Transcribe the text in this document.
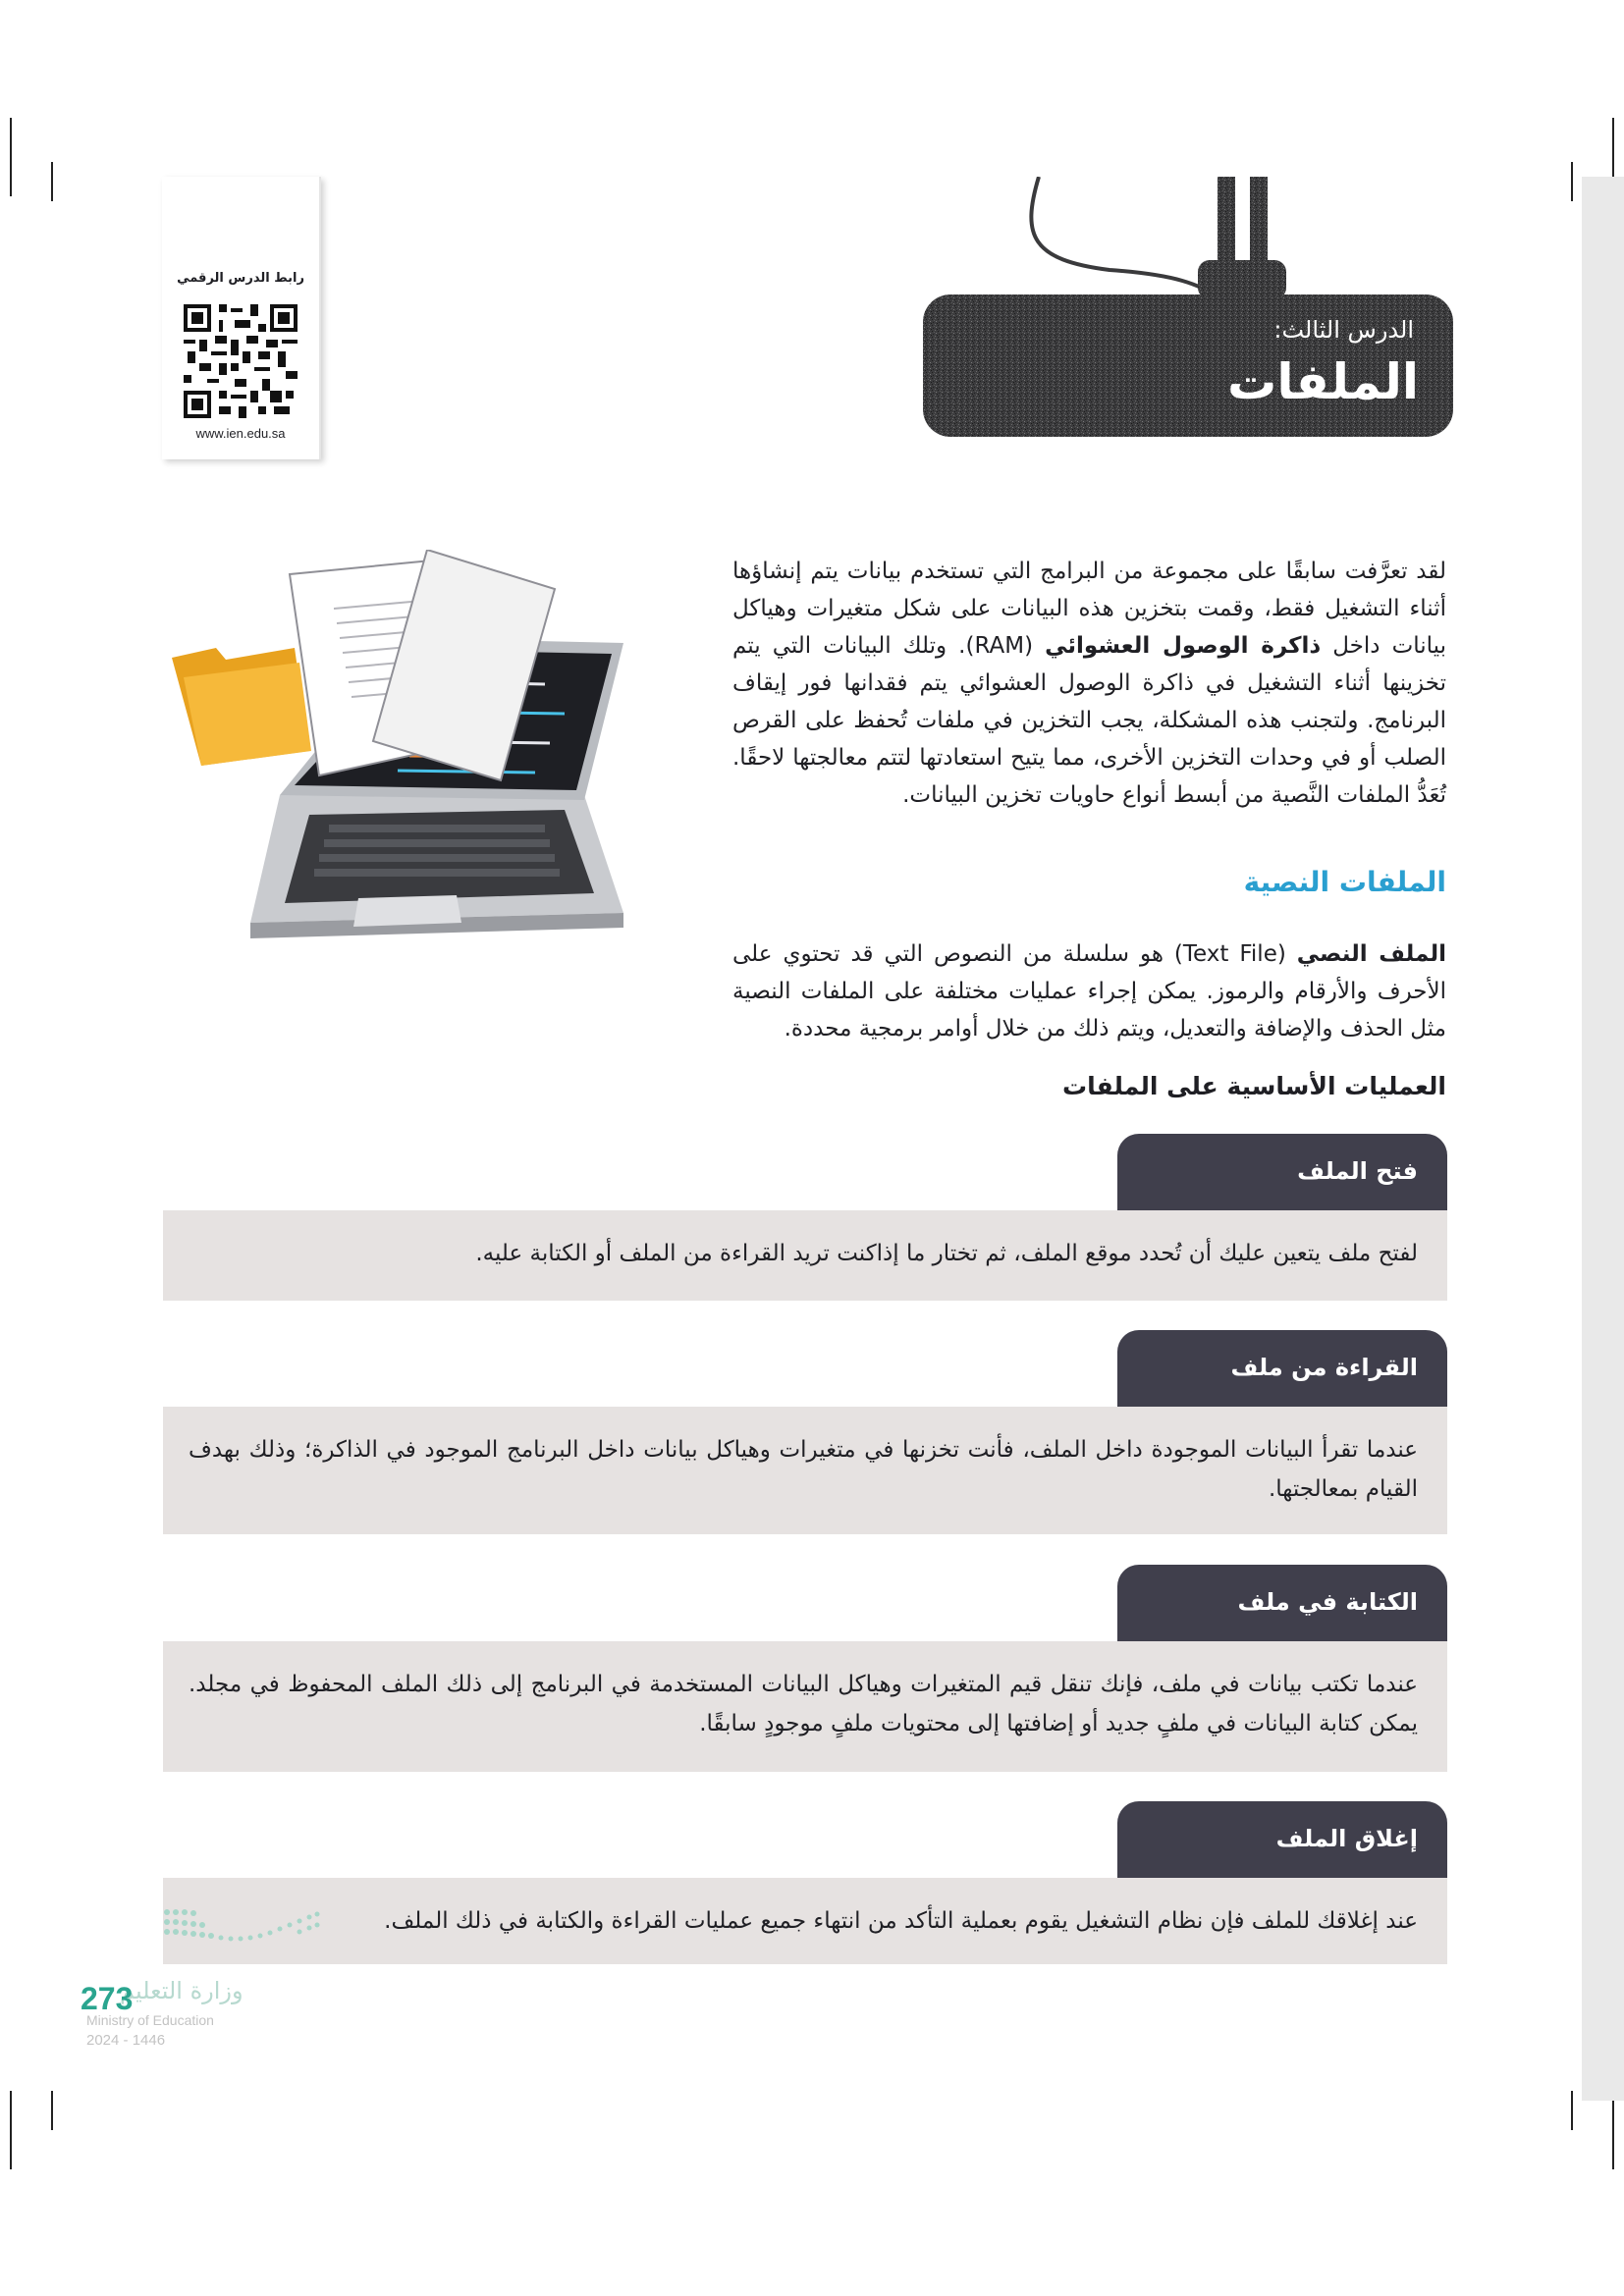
رابط الدرس الرقمي
www.ien.edu.sa
الدرس الثالث:
الملفات

لقد تعرَّفت سابقًا على مجموعة من البرامج التي تستخدم بيانات يتم إنشاؤها أثناء التشغيل فقط، وقمت بتخزين هذه البيانات على شكل متغيرات وهياكل بيانات داخل ذاكرة الوصول العشوائي (RAM). وتلك البيانات التي يتم تخزينها أثناء التشغيل في ذاكرة الوصول العشوائي يتم فقدانها فور إيقاف البرنامج. ولتجنب هذه المشكلة، يجب التخزين في ملفات تُحفظ على القرص الصلب أو في وحدات التخزين الأخرى، مما يتيح استعادتها لتتم معالجتها لاحقًا. تُعَدُّ الملفات النَّصية من أبسط أنواع حاويات تخزين البيانات.

الملفات النصية

الملف النصي (Text File) هو سلسلة من النصوص التي قد تحتوي على الأحرف والأرقام والرموز. يمكن إجراء عمليات مختلفة على الملفات النصية مثل الحذف والإضافة والتعديل، ويتم ذلك من خلال أوامر برمجية محددة.

العمليات الأساسية على الملفات
فتح الملف

لفتح ملف يتعين عليك أن تُحدد موقع الملف، ثم تختار ما إذاكنت تريد القراءة من الملف أو الكتابة عليه.

القراءة من ملف

عندما تقرأ البيانات الموجودة داخل الملف، فأنت تخزنها في متغيرات وهياكل بيانات داخل البرنامج الموجود في الذاكرة؛ وذلك بهدف القيام بمعالجتها.

الكتابة في ملف

عندما تكتب بيانات في ملف، فإنك تنقل قيم المتغيرات وهياكل البيانات المستخدمة في البرنامج إلى ذلك الملف المحفوظ في مجلد. يمكن كتابة البيانات في ملفٍ جديد أو إضافتها إلى محتويات ملفٍ موجودٍ سابقًا.

إغلاق الملف

عند إغلاقك للملف فإن نظام التشغيل يقوم بعملية التأكد من انتهاء جميع عمليات القراءة والكتابة في ذلك الملف.

وزارة التعليم
273
Ministry of Education
2024 - 1446
